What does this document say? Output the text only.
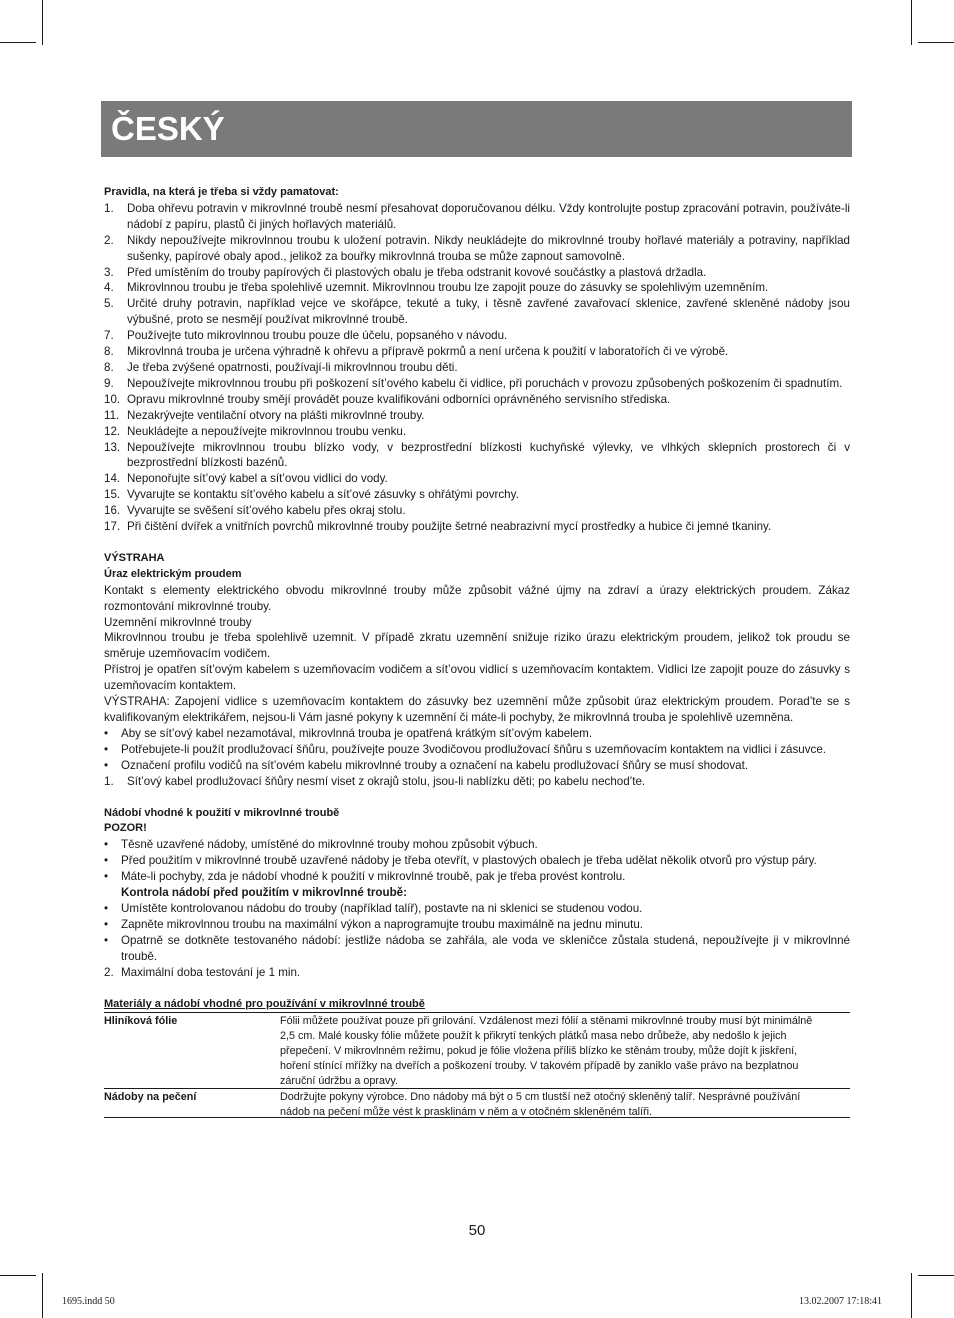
ČESKÝ
Pravidla, na která je třeba si vždy pamatovat:
1.	Doba ohřevu potravin v mikrovlnné troubě nesmí přesahovat doporučovanou délku. Vždy kontrolujte postup zpracování potravin, používáte-li nádobí z papíru, plastů či jiných hořlavých materiálů.
2.	Nikdy nepoužívejte mikrovlnnou troubu k uložení potravin. Nikdy neukládejte do mikrovlnné trouby hořlavé materiály a potraviny, například sušenky, papírové obaly apod., jelikož za bouřky mikrovlnná trouba se může zapnout samovolně.
3.	Před umístěním do trouby papírových či plastových obalu je třeba odstranit kovové součástky a plastová držadla.
4.	Mikrovlnnou troubu je třeba spolehlivě uzemnit. Mikrovlnnou troubu lze zapojit pouze do zásuvky se spolehlivým uzemněním.
5.	Určité druhy potravin, například vejce ve skořápce, tekuté a tuky, i těsně zavřené zavařovací sklenice, zavřené skleněné nádoby jsou výbušné, proto se nesmějí používat mikrovlnné troubě.
7.	Používejte tuto mikrovlnnou troubu pouze dle účelu, popsaného v návodu.
8.	Mikrovlnná trouba je určena výhradně k ohřevu a přípravě pokrmů a není určena k použití v laboratořích či ve výrobě.
8.	Je třeba zvýšené opatrnosti, používají-li mikrovlnnou troubu děti.
9.	Nepoužívejte mikrovlnnou troubu při poškození sít’ového kabelu či vidlice, při poruchách v provozu způsobených poškozením či spadnutím.
10. Opravu mikrovlnné trouby smějí provádět pouze kvalifikováni odborníci oprávněného servisního střediska.
11. Nezakrývejte ventilační otvory na plášti mikrovlnné trouby.
12. Neukládejte a nepoužívejte mikrovlnnou troubu venku.
13. Nepoužívejte mikrovlnnou troubu blízko vody, v bezprostřední blízkosti kuchyňské výlevky, ve vlhkých sklepních prostorech či v bezprostřední blízkosti bazénů.
14. Neponořujte sít’ový kabel a sít’ovou vidlici do vody.
15. Vyvarujte se kontaktu sít’ového kabelu a sít’ové zásuvky s ohřátými povrchy.
16. Vyvarujte se svěšení sít’ového kabelu přes okraj stolu.
17. Při čištění dvířek a vnitřních povrchů mikrovlnné trouby použijte šetrné neabrazivní mycí prostředky a hubice či jemné tkaniny.
VÝSTRAHA
Úraz elektrickým proudem
Kontakt s elementy elektrického obvodu mikrovlnné trouby může způsobit vážné újmy na zdraví a úrazy elektrických proudem. Zákaz rozmontování mikrovlnné trouby.
Uzemnění mikrovlnné trouby
Mikrovlnnou troubu je třeba spolehlivě uzemnit. V případě zkratu uzemnění snižuje riziko úrazu elektrickým proudem, jelikož tok proudu se směruje uzemňovacím vodičem.
Přístroj je opatřen sít’ovým kabelem s uzemňovacím vodičem a sít’ovou vidlicí s uzemňovacím kontaktem. Vidlici lze zapojit pouze do zásuvky s uzemňovacím kontaktem.
VÝSTRAHA: Zapojení vidlice s uzemňovacím kontaktem do zásuvky bez uzemnění může způsobit úraz elektrickým proudem. Porad’te se s kvalifikovaným elektrikářem, nejsou-li Vám jasné pokyny k uzemnění či máte-li pochyby, že mikrovlnná trouba je spolehlivě uzemněna.
•	Aby se sít’ový kabel nezamotával, mikrovlnná trouba je opatřená krátkým sít’ovým kabelem.
•	Potřebujete-li použít prodlužovací šňůru, používejte pouze 3vodičovou prodlužovací šňůru s uzemňovacím kontaktem na vidlici i zásuvce.
•	Označení profilu vodičů na sít’ovém kabelu mikrovlnné trouby a označení na kabelu prodlužovací šňůry se musí shodovat.
1.	Sít’ový kabel prodlužovací šňůry nesmí viset z okrajů stolu, jsou-li nablízku děti; po kabelu nechod’te.
Nádobí vhodné k použití v mikrovlnné troubě
POZOR!
•	Těsně uzavřené nádoby, umístěné do mikrovlnné trouby mohou způsobit výbuch.
•	Před použitím v mikrovlnné troubě uzavřené nádoby je třeba otevřít, v plastových obalech je třeba udělat několik otvorů pro výstup páry.
•	Máte-li pochyby, zda je nádobí vhodné k použití v mikrovlnné troubě, pak je třeba provést kontrolu.
Kontrola nádobí před použitím v mikrovlnné troubě:
•	Umístěte kontrolovanou nádobu do trouby (například talíř), postavte na ni sklenici se studenou vodou.
•	Zapněte mikrovlnnou troubu na maximální výkon a naprogramujte troubu maximálně na jednu minutu.
•	Opatrně se dotkněte testovaného nádobí: jestliže nádoba se zahřála, ale voda ve skleničce zůstala studená, nepoužívejte ji v mikrovlnné troubě.
2. Maximální doba testování je 1 min.
Materiály a nádobí vhodné pro používání v mikrovlnné troubě
Hliníková fólie	Fólii můžete používat pouze při grilování. Vzdálenost mezi fólií a stěnami mikrovlnné trouby musí být minimálně 2,5 cm. Malé kousky fólie můžete použít k přikrytí tenkých plátků masa nebo drůbeže, aby nedošlo k jejich přepečení. V mikrovlnném režimu, pokud je fólie vložena příliš blízko ke stěnám trouby, může dojít k jiskření, hoření stínící mřížky na dveřích a poškození trouby. V takovém případě by zaniklo vaše právo na bezplatnou záruční údržbu a opravy.
Nádoby na pečení	Dodržujte pokyny výrobce. Dno nádoby má být o 5 cm tlustší než otočný skleněný talíř. Nesprávné používání nádob na pečení může vést k prasklinám v něm a v otočném skleněném talíři.
50
1695.indd 50	13.02.2007 17:18:41
